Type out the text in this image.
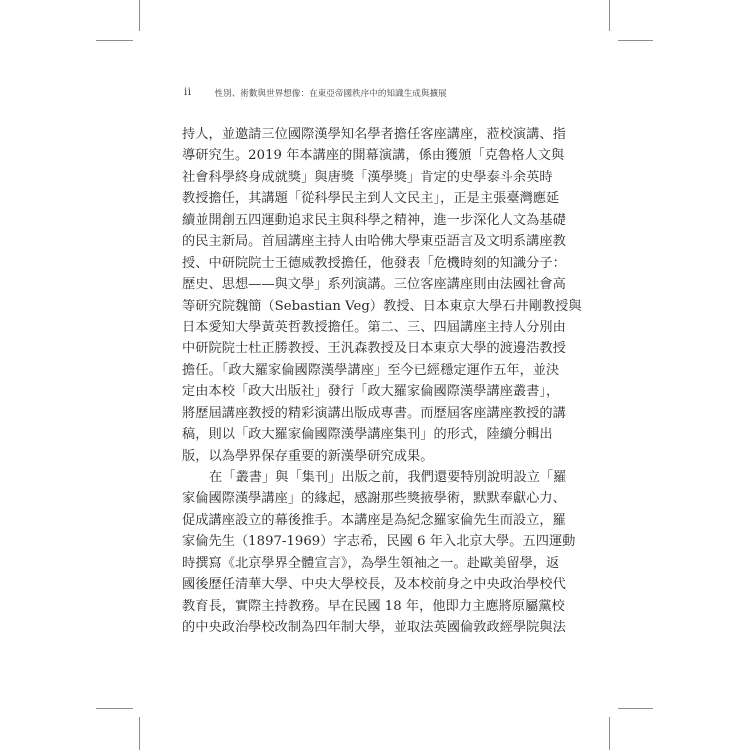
ii	性別、術數與世界想像：在東亞帝國秩序中的知識生成與擴展
持人，並邀請三位國際漢學知名學者擔任客座講座，蒞校演講、指
導研究生。2019 年本講座的開幕演講，係由獲頒「克魯格人文與
社會科學終身成就獎」與唐獎「漢學獎」肯定的史學泰斗余英時
教授擔任，其講題「從科學民主到人文民主」，正是主張臺灣應延
續並開創五四運動追求民主與科學之精神，進一步深化人文為基礎
的民主新局。首屆講座主持人由哈佛大學東亞語言及文明系講座教
授、中研院院士王德威教授擔任，他發表「危機時刻的知識分子：
歷史、思想——與文學」系列演講。三位客座講座則由法國社會高
等研究院魏簡（Sebastian Veg）教授、日本東京大學石井剛教授與
日本愛知大學黃英哲教授擔任。第二、三、四屆講座主持人分別由
中研院院士杜正勝教授、王汎森教授及日本東京大學的渡邊浩教授
擔任。「政大羅家倫國際漢學講座」至今已經穩定運作五年，並決
定由本校「政大出版社」發行「政大羅家倫國際漢學講座叢書」，
將歷屆講座教授的精彩演講出版成專書。而歷屆客座講座教授的講
稿，則以「政大羅家倫國際漢學講座集刊」的形式，陸續分輯出
版，以為學界保存重要的新漢學研究成果。
在「叢書」與「集刊」出版之前，我們還要特別說明設立「羅
家倫國際漢學講座」的緣起，感謝那些獎掖學術，默默奉獻心力、
促成講座設立的幕後推手。本講座是為紀念羅家倫先生而設立，羅
家倫先生（1897-1969）字志希，民國 6 年入北京大學。五四運動
時撰寫《北京學界全體宣言》，為學生領袖之一。赴歐美留學，返
國後歷任清華大學、中央大學校長，及本校前身之中央政治學校代
教育長，實際主持教務。早在民國 18 年，他即力主應將原屬黨校
的中央政治學校改制為四年制大學，並取法英國倫敦政經學院與法
